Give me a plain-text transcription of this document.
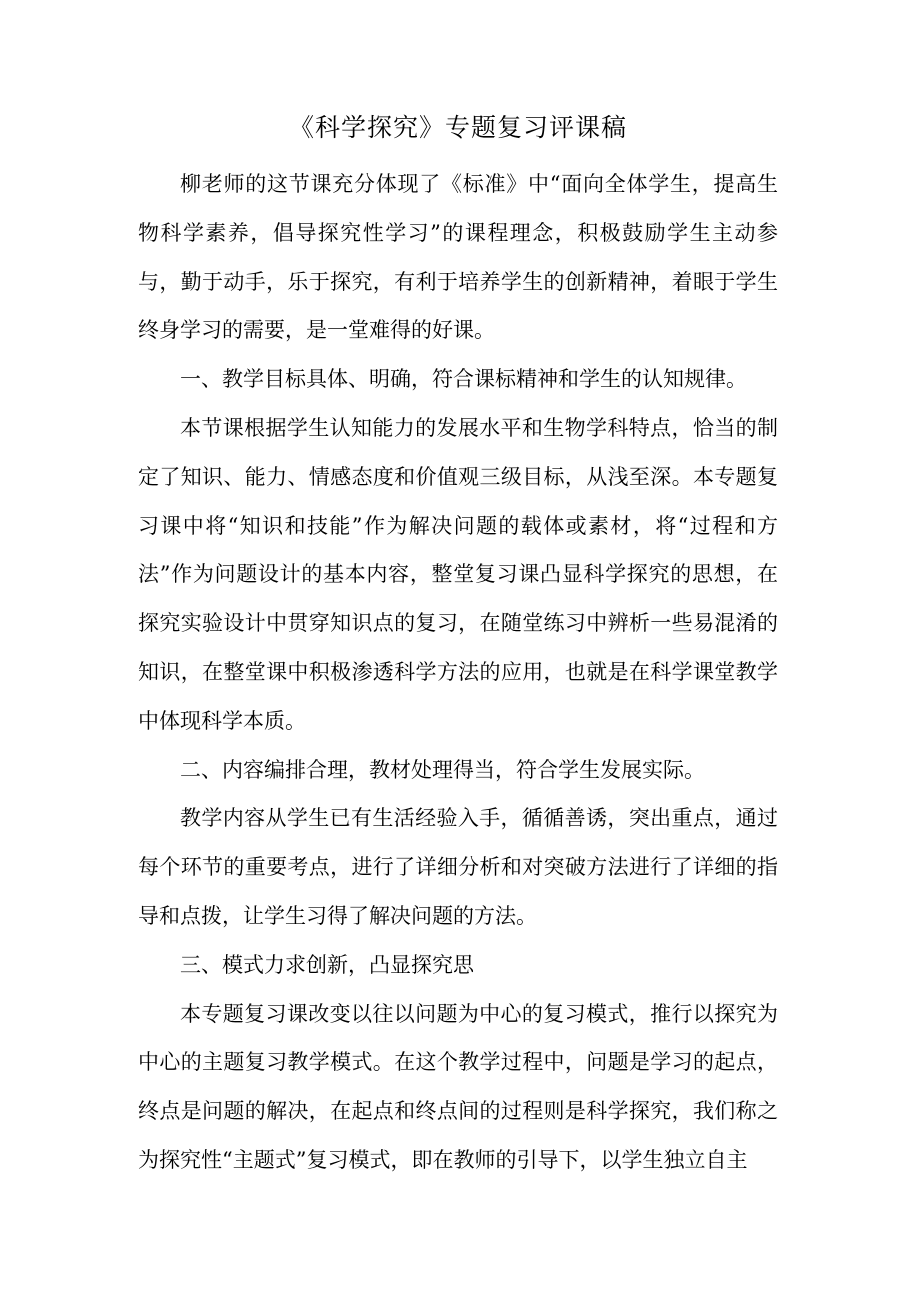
《科学探究》专题复习评课稿

柳老师的这节课充分体现了《标准》中“面向全体学生，提高生物科学素养，倡导探究性学习”的课程理念，积极鼓励学生主动参与，勤于动手，乐于探究，有利于培养学生的创新精神，着眼于学生终身学习的需要，是一堂难得的好课。

一、教学目标具体、明确，符合课标精神和学生的认知规律。

本节课根据学生认知能力的发展水平和生物学科特点，恰当的制定了知识、能力、情感态度和价值观三级目标，从浅至深。本专题复习课中将“知识和技能”作为解决问题的载体或素材，将“过程和方法”作为问题设计的基本内容，整堂复习课凸显科学探究的思想，在探究实验设计中贯穿知识点的复习，在随堂练习中辨析一些易混淆的知识，在整堂课中积极渗透科学方法的应用，也就是在科学课堂教学中体现科学本质。

二、内容编排合理，教材处理得当，符合学生发展实际。

教学内容从学生已有生活经验入手，循循善诱，突出重点，通过每个环节的重要考点，进行了详细分析和对突破方法进行了详细的指导和点拨，让学生习得了解决问题的方法。

三、模式力求创新，凸显探究思

本专题复习课改变以往以问题为中心的复习模式，推行以探究为中心的主题复习教学模式。在这个教学过程中，问题是学习的起点，终点是问题的解决，在起点和终点间的过程则是科学探究，我们称之为探究性“主题式”复习模式，即在教师的引导下，以学生独立自主
